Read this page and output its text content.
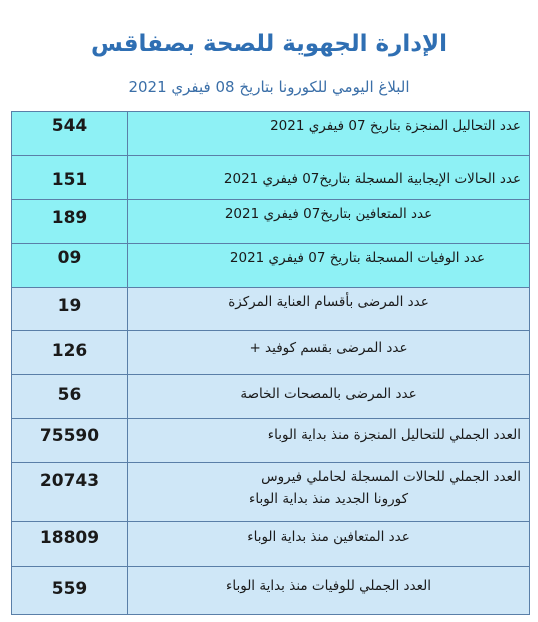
الإدارة الجهوية للصحة بصفاقس
البلاغ اليومي للكورونا بتاريخ 08 فيفري 2021
544	عدد التحاليل المنجزة بتاريخ 07 فيفري 2021
151	عدد الحالات الإيجابية المسجلة بتاريخ07 فيفري 2021
189	عدد المتعافين بتاريخ07 فيفري 2021
09	عدد الوفيات المسجلة بتاريخ 07 فيفري 2021
19	عدد المرضى بأقسام العناية المركزة
126	عدد المرضى بقسم كوفيد +
56	عدد المرضى بالمصحات الخاصة
75590	العدد الجملي للتحاليل المنجزة منذ بداية الوباء
20743	العدد الجملي للحالات المسجلة لحاملي فيروس
كورونا الجديد منذ بداية الوباء
18809	عدد المتعافين منذ بداية الوباء
559	العدد الجملي للوفيات منذ بداية الوباء
